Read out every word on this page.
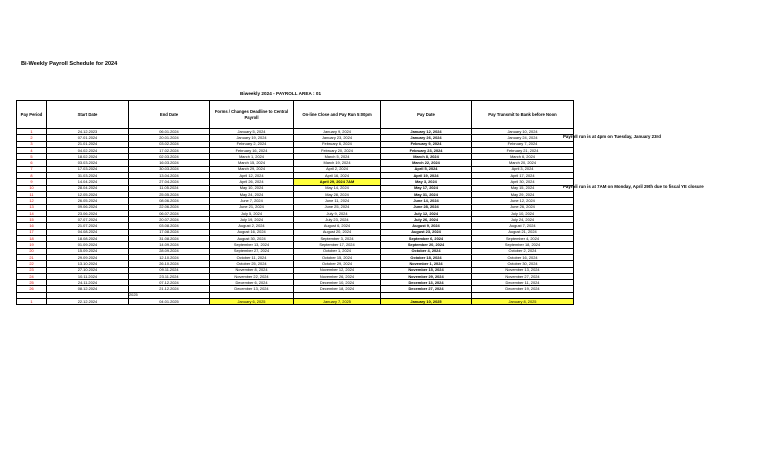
Bi-Weekly Payroll Schedule for 2024
Biweekly 2024 - PAYROLL AREA : 01
Pay Period	Start Date	End Date	Forms / Changes Deadline to Central Payroll	On-line Close and Pay Run 5:00pm	Pay Date	Pay Transmit to Bank before Noon
1	24.12.2023	06.01.2024	January 5, 2024	January 9, 2024	January 12, 2024	January 10, 2024
2	07.01.2024	20.01.2024	January 19, 2024	January 23, 2024	January 26, 2024	January 24, 2024
3	21.01.2024	03.02.2024	February 2, 2024	February 6, 2024	February 9, 2024	February 7, 2024
4	04.02.2024	17.02.2024	February 16, 2024	February 20, 2024	February 23, 2024	February 21, 2024
5	18.02.2024	02.03.2024	March 1, 2024	March 5, 2024	March 8, 2024	March 6, 2024
6	03.03.2024	16.03.2024	March 15, 2024	March 19, 2024	March 22, 2024	March 20, 2024
7	17.03.2024	30.03.2024	March 29, 2024	April 2, 2024	April 5, 2024	April 3, 2024
8	31.03.2024	13.04.2024	April 12, 2024	April 16, 2024	April 19, 2024	April 17, 2024
9	14.04.2024	27.04.2024	April 26, 2024	April 29, 2024 7AM	May 3, 2024	April 30, 2024
10	28.04.2024	11.05.2024	May 10, 2024	May 14, 2024	May 17, 2024	May 15, 2024
11	12.05.2024	25.05.2024	May 24, 2024	May 28, 2024	May 31, 2024	May 29, 2024
12	26.05.2024	08.06.2024	June 7, 2024	June 11, 2024	June 14, 2024	June 12, 2024
13	09.06.2024	22.06.2024	June 21, 2024	June 25, 2024	June 28, 2024	June 26, 2024
14	23.06.2024	06.07.2024	July 5, 2024	July 9, 2024	July 12, 2024	July 10, 2024
15	07.07.2024	20.07.2024	July 19, 2024	July 23, 2024	July 26, 2024	July 24, 2024
16	21.07.2024	03.08.2024	August 2, 2024	August 6, 2024	August 9, 2024	August 7, 2024
17	04.08.2024	17.08.2024	August 16, 2024	August 20, 2024	August 23, 2024	August 21, 2024
18	18.08.2024	31.08.2024	August 30, 2024	September 3, 2024	September 6, 2024	September 4, 2024
19	01.09.2024	14.09.2024	September 13, 2024	September 17, 2024	September 20, 2024	September 18, 2024
20	15.09.2024	28.09.2024	September 27, 2024	October 1, 2024	October 4, 2024	October 2, 2024
21	29.09.2024	12.10.2024	October 11, 2024	October 15, 2024	October 18, 2024	October 16, 2024
22	13.10.2024	26.10.2024	October 25, 2024	October 29, 2024	November 1, 2024	October 30, 2024
23	27.10.2024	09.11.2024	November 8, 2024	November 12, 2024	November 15, 2024	November 13, 2024
24	10.11.2024	23.11.2024	November 22, 2024	November 26, 2024	November 29, 2024	November 27, 2024
25	24.11.2024	07.12.2024	December 6, 2024	December 10, 2024	December 13, 2024	December 11, 2024
26	08.12.2024	21.12.2024	December 13, 2024	December 18, 2024	December 27, 2024	December 19, 2024
		2025				
1	22.12.2024	04.01.2025	January 6, 2025	January 7, 2025	January 10, 2025	January 8, 2025
Payroll run is at 4pm on Tuesday, January 23rd
Payroll run is at 7AM on Monday, April 29th due to fiscal YE closure
